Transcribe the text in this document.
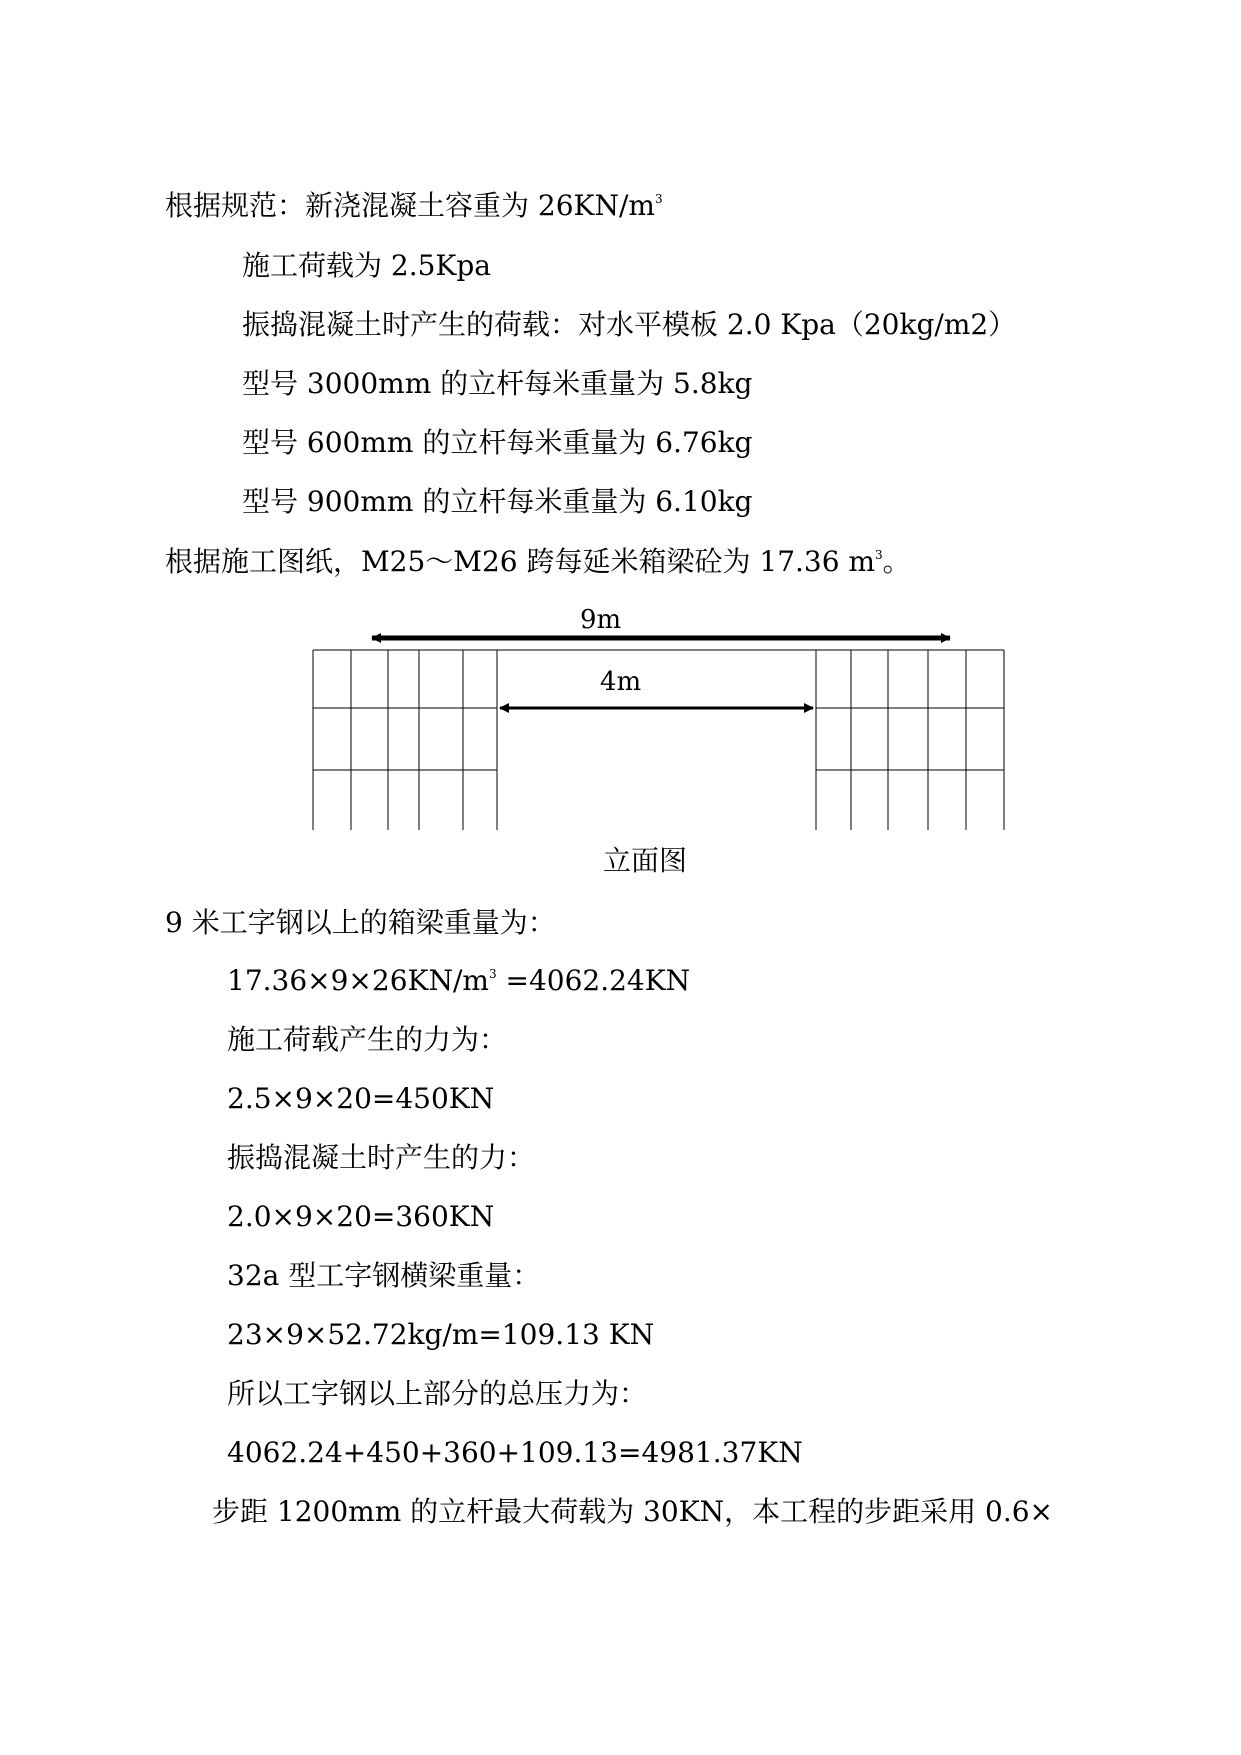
根据规范：新浇混凝土容重为 $26KN/m^3$
施工荷载为 2.5Kpa
振捣混凝土时产生的荷载：对水平模板 2.0 Kpa（20kg/m2）
型号 3000mm 的立杆每米重量为 5.8kg
型号 600mm 的立杆每米重量为 6.76kg
型号 900mm 的立杆每米重量为 6.10kg
根据施工图纸，M25～M26 跨每延米箱梁砼为 17.36 $m^3$。
9m
4m
立面图
9 米工字钢以上的箱梁重量为：
$17.36\times 9\times 26KN/m^3 =4062.24KN$
施工荷载产生的力为：
2.5×9×20=450KN
振捣混凝土时产生的力：
2.0×9×20=360KN
32a 型工字钢横梁重量：
23×9×52.72kg/m=109.13 KN
所以工字钢以上部分的总压力为：
4062.24+450+360+109.13=4981.37KN
步距 1200mm 的立杆最大荷载为 30KN，本工程的步距采用 0.6×
